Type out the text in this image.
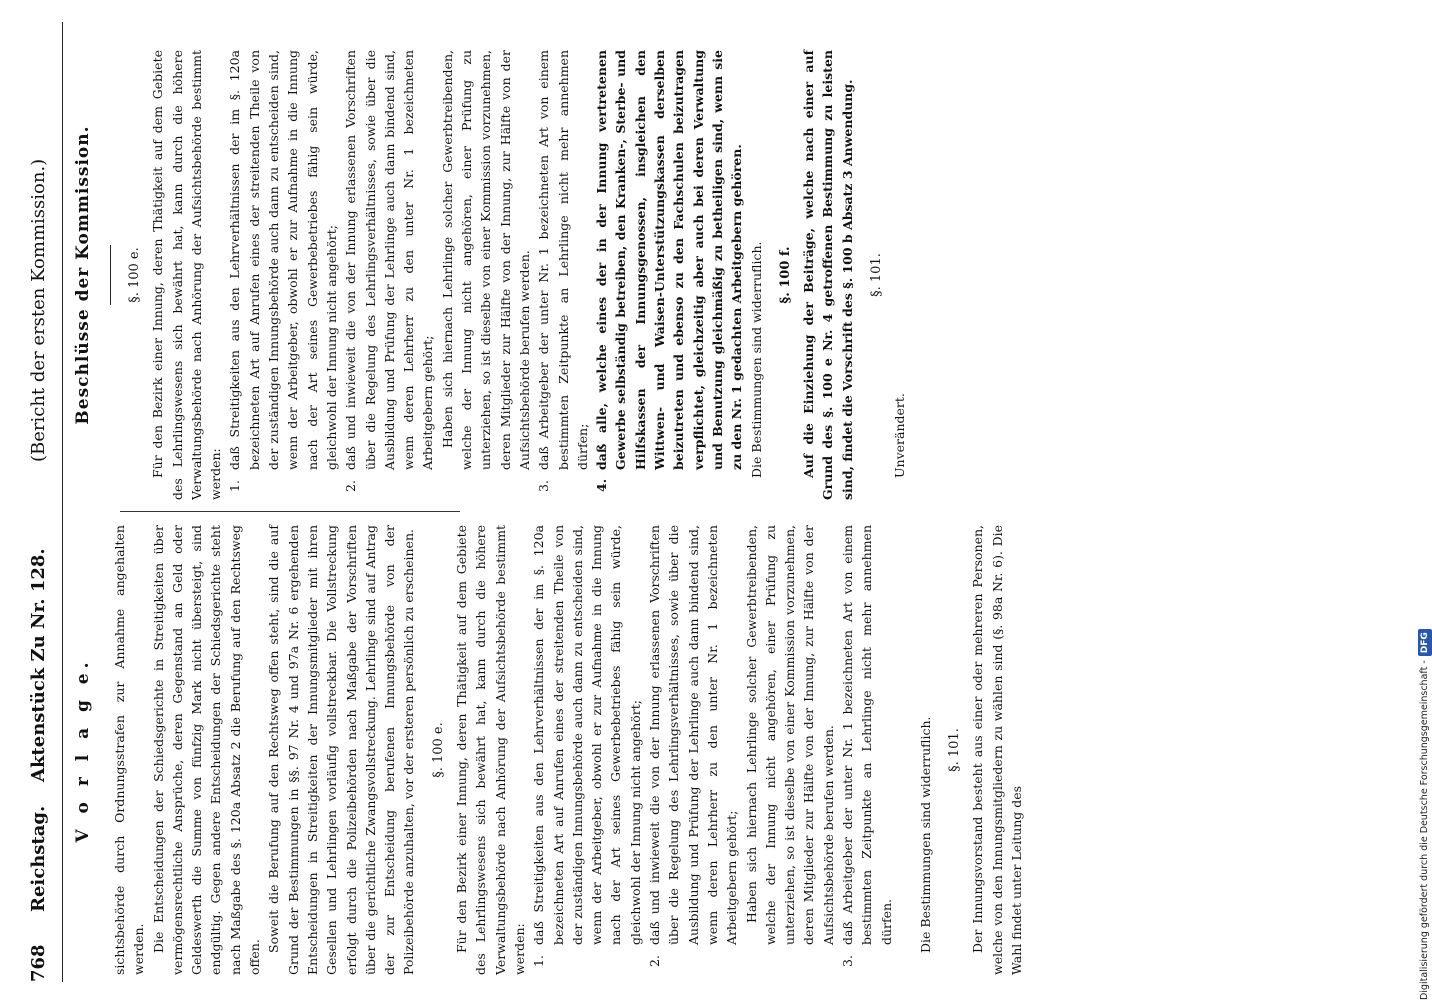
768
Reichstag.
Aktenstück Zu Nr. 128.
(Bericht der ersten Kommission.)
V o r l a g e.	sichtsbehörde durch Ordnungsstrafen zur Annahme angehalten werden. Die Entscheidungen der Schiedsgerichte in Streitigkeiten über vermögensrechtliche Ansprüche, deren Gegenstand an Geld oder Geldeswerth die Summe von fünfzig Mark nicht übersteigt, sind endgültig. Gegen andere Entscheidungen der Schiedsgerichte steht nach Maßgabe des §. 120a Absatz 2 die Berufung auf den Rechtsweg offen.

Soweit die Berufung auf den Rechtsweg offen steht, sind die auf Grund der Bestimmungen in §§. 97 Nr. 4 und 97a Nr. 6 ergehenden Entscheidungen in Streitigkeiten der Innungsmitglieder mit ihren Gesellen und Lehrlingen vorläufig vollstreckbar. Die Vollstreckung erfolgt durch die Polizeibehörden nach Maßgabe der Vorschriften über die gerichtliche Zwangsvollstreckung. Lehrlinge sind auf Antrag der zur Entscheidung berufenen Innungsbehörde von der Polizeibehörde anzuhalten, vor der ersteren persönlich zu erscheinen. §. 100 e. Für den Bezirk einer Innung, deren Thätigkeit auf dem Gebiete des Lehrlingswesens sich bewährt hat, kann durch die höhere Verwaltungsbehörde nach Anhörung der Aufsichtsbehörde bestimmt werden: 1.
daß Streitigkeiten aus den Lehrverhältnissen der im §. 120a bezeichneten Art auf Anrufen eines der streitenden Theile von der zuständigen Innungsbehörde auch dann zu entscheiden sind, wenn der Arbeitgeber, obwohl er zur Aufnahme in die Innung nach der Art seines Gewerbebetriebes fähig sein würde, gleichwohl der Innung nicht angehört;

2.
daß und inwieweit die von der Innung erlassenen Vorschriften über die Regelung des Lehrlingsverhältnisses, sowie über die Ausbildung und Prüfung der Lehrlinge auch dann bindend sind, wenn deren Lehrherr zu den unter Nr. 1 bezeichneten Arbeitgebern gehört; Haben sich hiernach Lehrlinge solcher Gewerbtreibenden, welche der Innung nicht angehören, einer Prüfung zu unterziehen, so ist dieselbe von einer Kommission vorzunehmen, deren Mitglieder zur Hälfte von der Innung, zur Hälfte von der Aufsichtsbehörde berufen werden.

3.
daß Arbeitgeber der unter Nr. 1 bezeichneten Art von einem bestimmten Zeitpunkte an Lehrlinge nicht mehr annehmen dürfen. Die Bestimmungen sind widerruflich. §. 101. Der Innungsvorstand besteht aus einer oder mehreren Personen, welche von den Innungsmitgliedern zu wählen sind (§. 98a Nr. 6). Die Wahl findet unter Leitung des

Beschlüsse der Kommission.	§. 100 e. Für den Bezirk einer Innung, deren Thätigkeit auf dem Gebiete des Lehrlingswesens sich bewährt hat, kann durch die höhere Verwaltungsbehörde nach Anhörung der Aufsichtsbehörde bestimmt werden: 1.
daß Streitigkeiten aus den Lehrverhältnissen der im §. 120a bezeichneten Art auf Anrufen eines der streitenden Theile von der zuständigen Innungsbehörde auch dann zu entscheiden sind, wenn der Arbeitgeber, obwohl er zur Aufnahme in die Innung nach der Art seines Gewerbebetriebes fähig sein würde, gleichwohl der Innung nicht angehört;

2.
daß und inwieweit die von der Innung erlassenen Vorschriften über die Regelung des Lehrlingsverhältnisses, sowie über die Ausbildung und Prüfung der Lehrlinge auch dann bindend sind, wenn deren Lehrherr zu den unter Nr. 1 bezeichneten Arbeitgebern gehört; Haben sich hiernach Lehrlinge solcher Gewerbtreibenden, welche der Innung nicht angehören, einer Prüfung zu unterziehen, so ist dieselbe von einer Kommission vorzunehmen, deren Mitglieder zur Hälfte von der Innung, zur Hälfte von der Aufsichtsbehörde berufen werden.

3.
daß Arbeitgeber der unter Nr. 1 bezeichneten Art von einem bestimmten Zeitpunkte an Lehrlinge nicht mehr annehmen dürfen;

4.
daß alle, welche eines der in der Innung vertretenen Gewerbe selbständig betreiben, den Kranken-, Sterbe- und Hilfskassen der Innungsgenossen, insgleichen den Wittwen- und Waisen-Unterstützungskassen derselben beizutreten und ebenso zu den Fachschulen beizutragen verpflichtet, gleichzeitig aber auch bei deren Verwaltung und Benutzung gleichmäßig zu betheiligen sind, wenn sie zu den Nr. 1 gedachten Arbeitgebern gehören. Die Bestimmungen sind widerruflich. §. 100 f. Auf die Einziehung der Beiträge, welche nach einer auf Grund des §. 100 e Nr. 4 getroffenen Bestimmung zu leisten sind, findet die Vorschrift des §. 100 b Absatz 3 Anwendung. §. 101.

Unverändert.

Digitalisierung gefördert durch die Deutsche Forschungsgemeinschaft -DFG
